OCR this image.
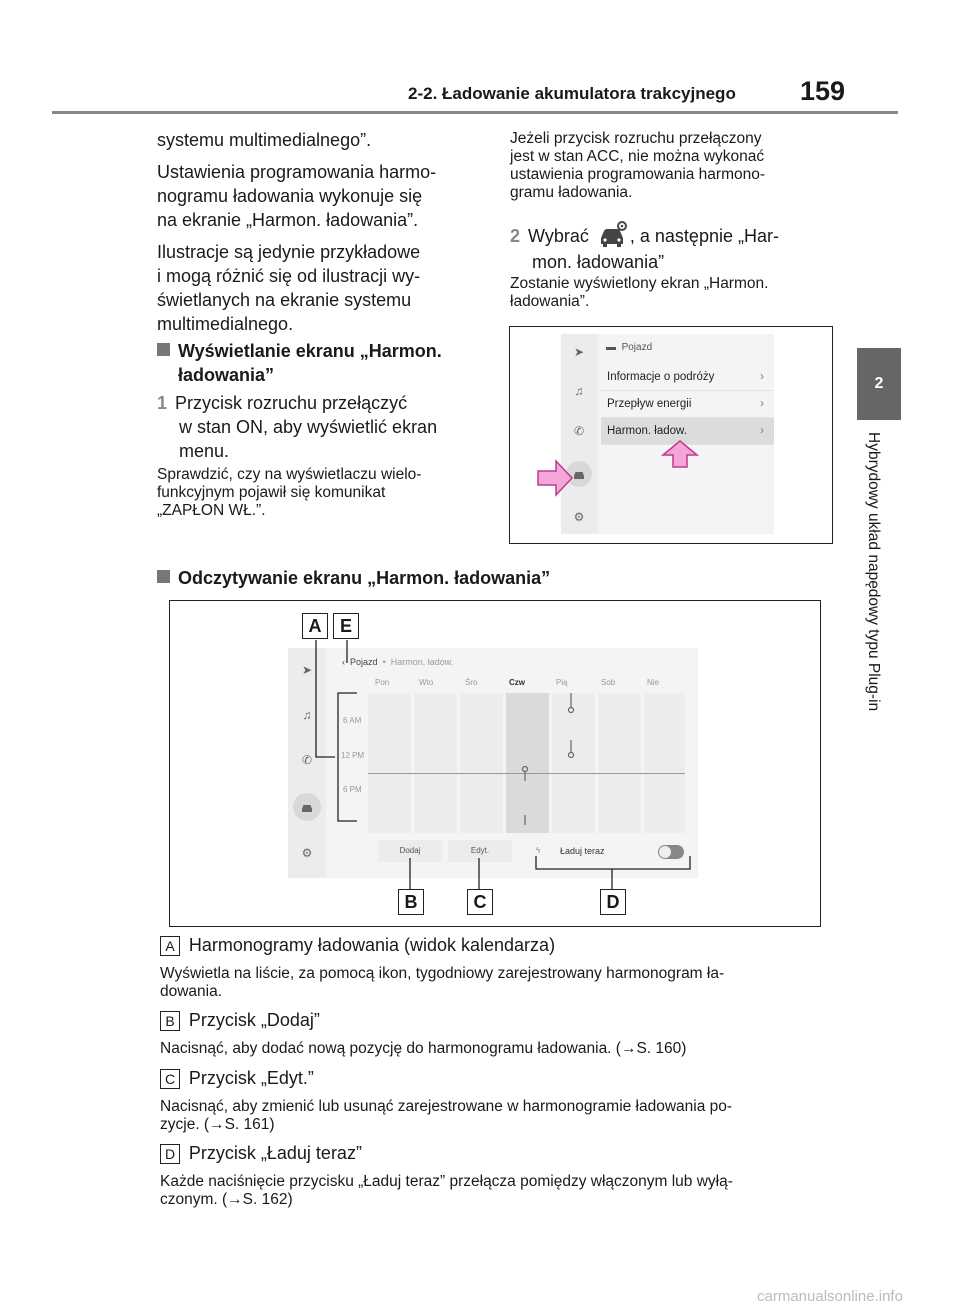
2-2. Ładowanie akumulatora trakcyjnego 159
2
Hybrydowy układ napędowy typu Plug-in
systemu multimedialnego”.
Ustawienia programowania harmo-
nogramu ładowania wykonuje się
na ekranie „Harmon. ładowania”.
Ilustracje są jedynie przykładowe
i mogą różnić się od ilustracji wy-
świetlanych na ekranie systemu
multimedialnego.
Wyświetlanie ekranu „Harmon.
ładowania”
1 Przycisk rozruchu przełączyć
w stan ON, aby wyświetlić ekran
menu.
Sprawdzić, czy na wyświetlaczu wielo-
funkcyjnym pojawił się komunikat
„ZAPŁON WŁ.”.
Jeżeli przycisk rozruchu przełączony
jest w stan ACC, nie można wykonać
ustawienia programowania harmono-
gramu ładowania.
2 Wybrać , a następnie „Har-
mon. ładowania”
Zostanie wyświetlony ekran „Harmon.
ładowania”.
➤
♫
✆
⚙
▬ Pojazd
Informacje o podróży	›
Przepływ energii	›
Harmon. ładow.	›
Odczytywanie ekranu „Harmon. ładowania”
➤
♫
✆
⚙
‹ Pojazd • Harmon. ładow.
Pon	Wto	Śro	Czw	Pią	Sob	Nie
6 AM
12 PM
6 PM
Dodaj	Edyt.	ϟ Ładuj teraz
A	E
B	C	D
A Harmonogramy ładowania (widok kalendarza)
Wyświetla na liście, za pomocą ikon, tygodniowy zarejestrowany harmonogram ła-
dowania.
B Przycisk „Dodaj”
Nacisnąć, aby dodać nową pozycję do harmonogramu ładowania. (→S. 160)
C Przycisk „Edyt.”
Nacisnąć, aby zmienić lub usunąć zarejestrowane w harmonogramie ładowania po-
zycje. (→S. 161)
D Przycisk „Ładuj teraz”
Każde naciśnięcie przycisku „Ładuj teraz” przełącza pomiędzy włączonym lub wyłą-
czonym. (→S. 162)
carmanualsonline.info
